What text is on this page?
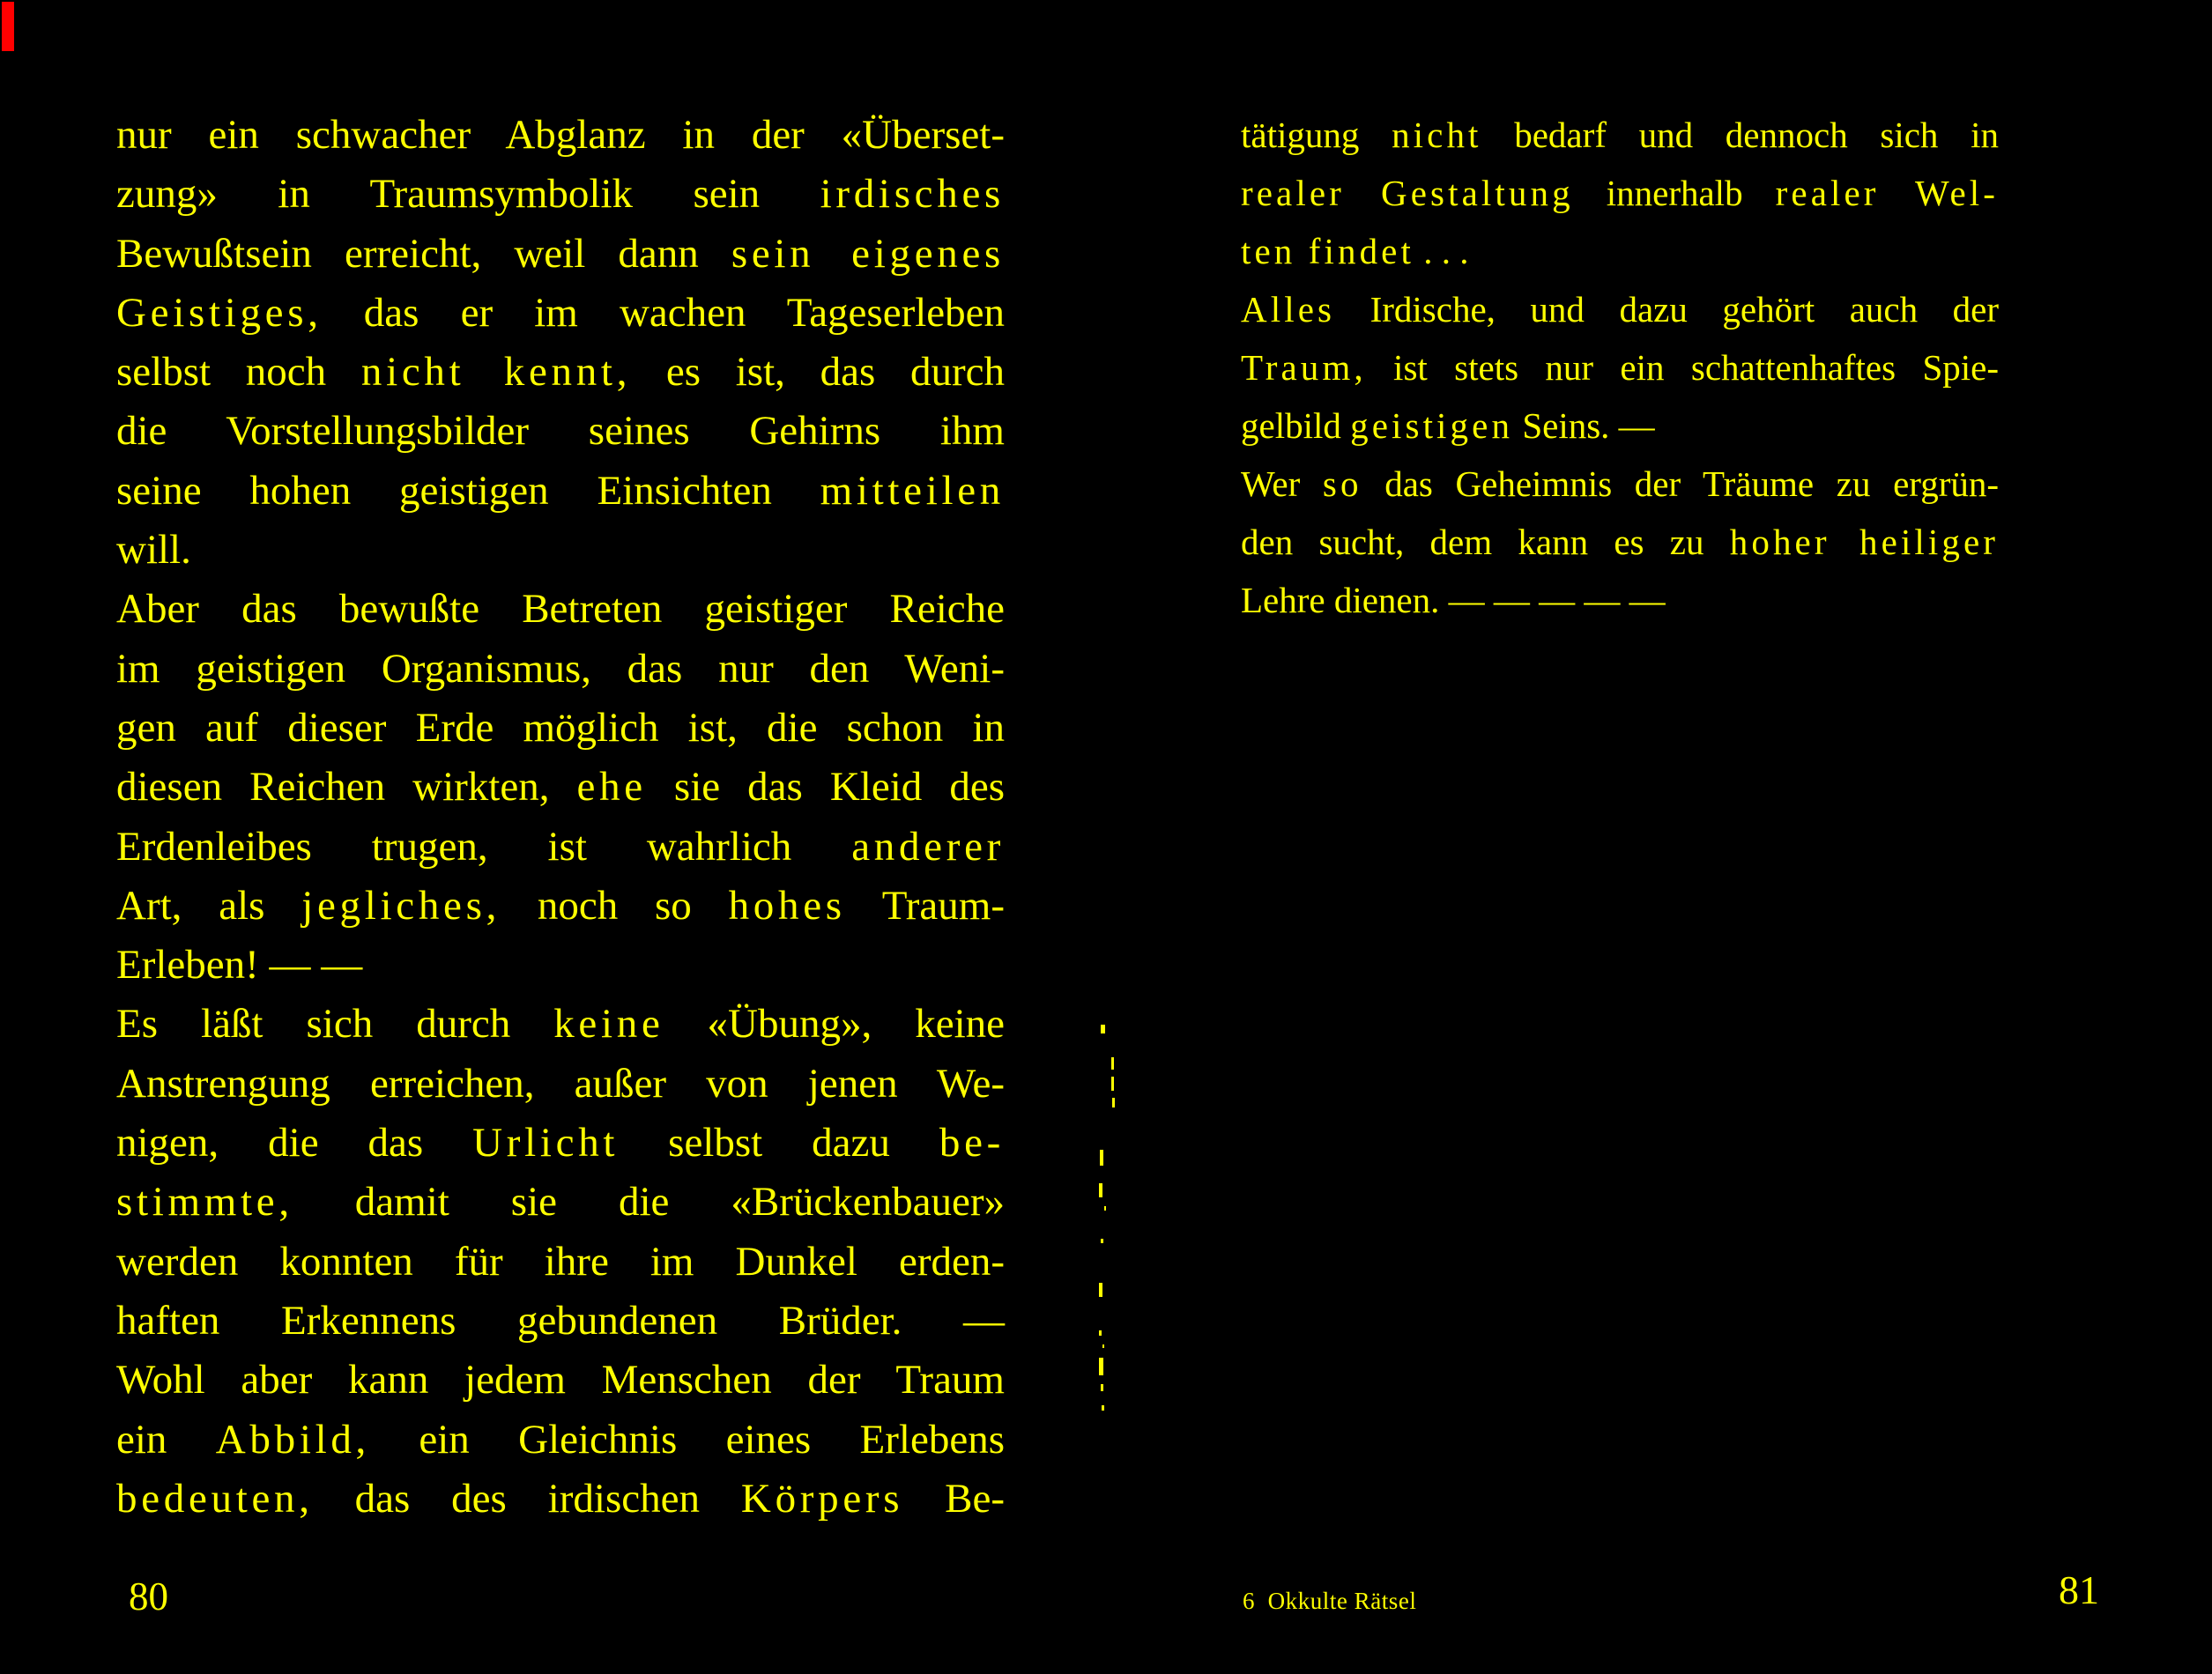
nur ein schwacher Abglanz in der «Überset-
zung» in Traumsymbolik sein irdisches
Bewußtsein erreicht, weil dann sein eigenes
Geistiges, das er im wachen Tageserleben
selbst noch nicht kennt, es ist, das durch
die Vorstellungsbilder seines Gehirns ihm
seine hohen geistigen Einsichten mitteilen
will.
Aber das bewußte Betreten geistiger Reiche
im geistigen Organismus, das nur den Weni-
gen auf dieser Erde möglich ist, die schon in
diesen Reichen wirkten, ehe sie das Kleid des
Erdenleibes trugen, ist wahrlich anderer
Art, als jegliches, noch so hohes Traum-
Erleben! — —
Es läßt sich durch keine «Übung», keine
Anstrengung erreichen, außer von jenen We-
nigen, die das Urlicht selbst dazu be-
stimmte, damit sie die «Brückenbauer»
werden konnten für ihre im Dunkel erden-
haften Erkennens gebundenen Brüder. —
Wohl aber kann jedem Menschen der Traum
ein Abbild, ein Gleichnis eines Erlebens
bedeuten, das des irdischen Körpers Be-
tätigung nicht bedarf und dennoch sich in
realer Gestaltung innerhalb realer Wel-
ten findet . . .
Alles Irdische, und dazu gehört auch der
Traum, ist stets nur ein schattenhaftes Spie-
gelbild geistigen Seins. —
Wer so das Geheimnis der Träume zu ergrün-
den sucht, dem kann es zu hoher heiliger
Lehre dienen. — — — — —
80	6  Okkulte Rätsel	81
